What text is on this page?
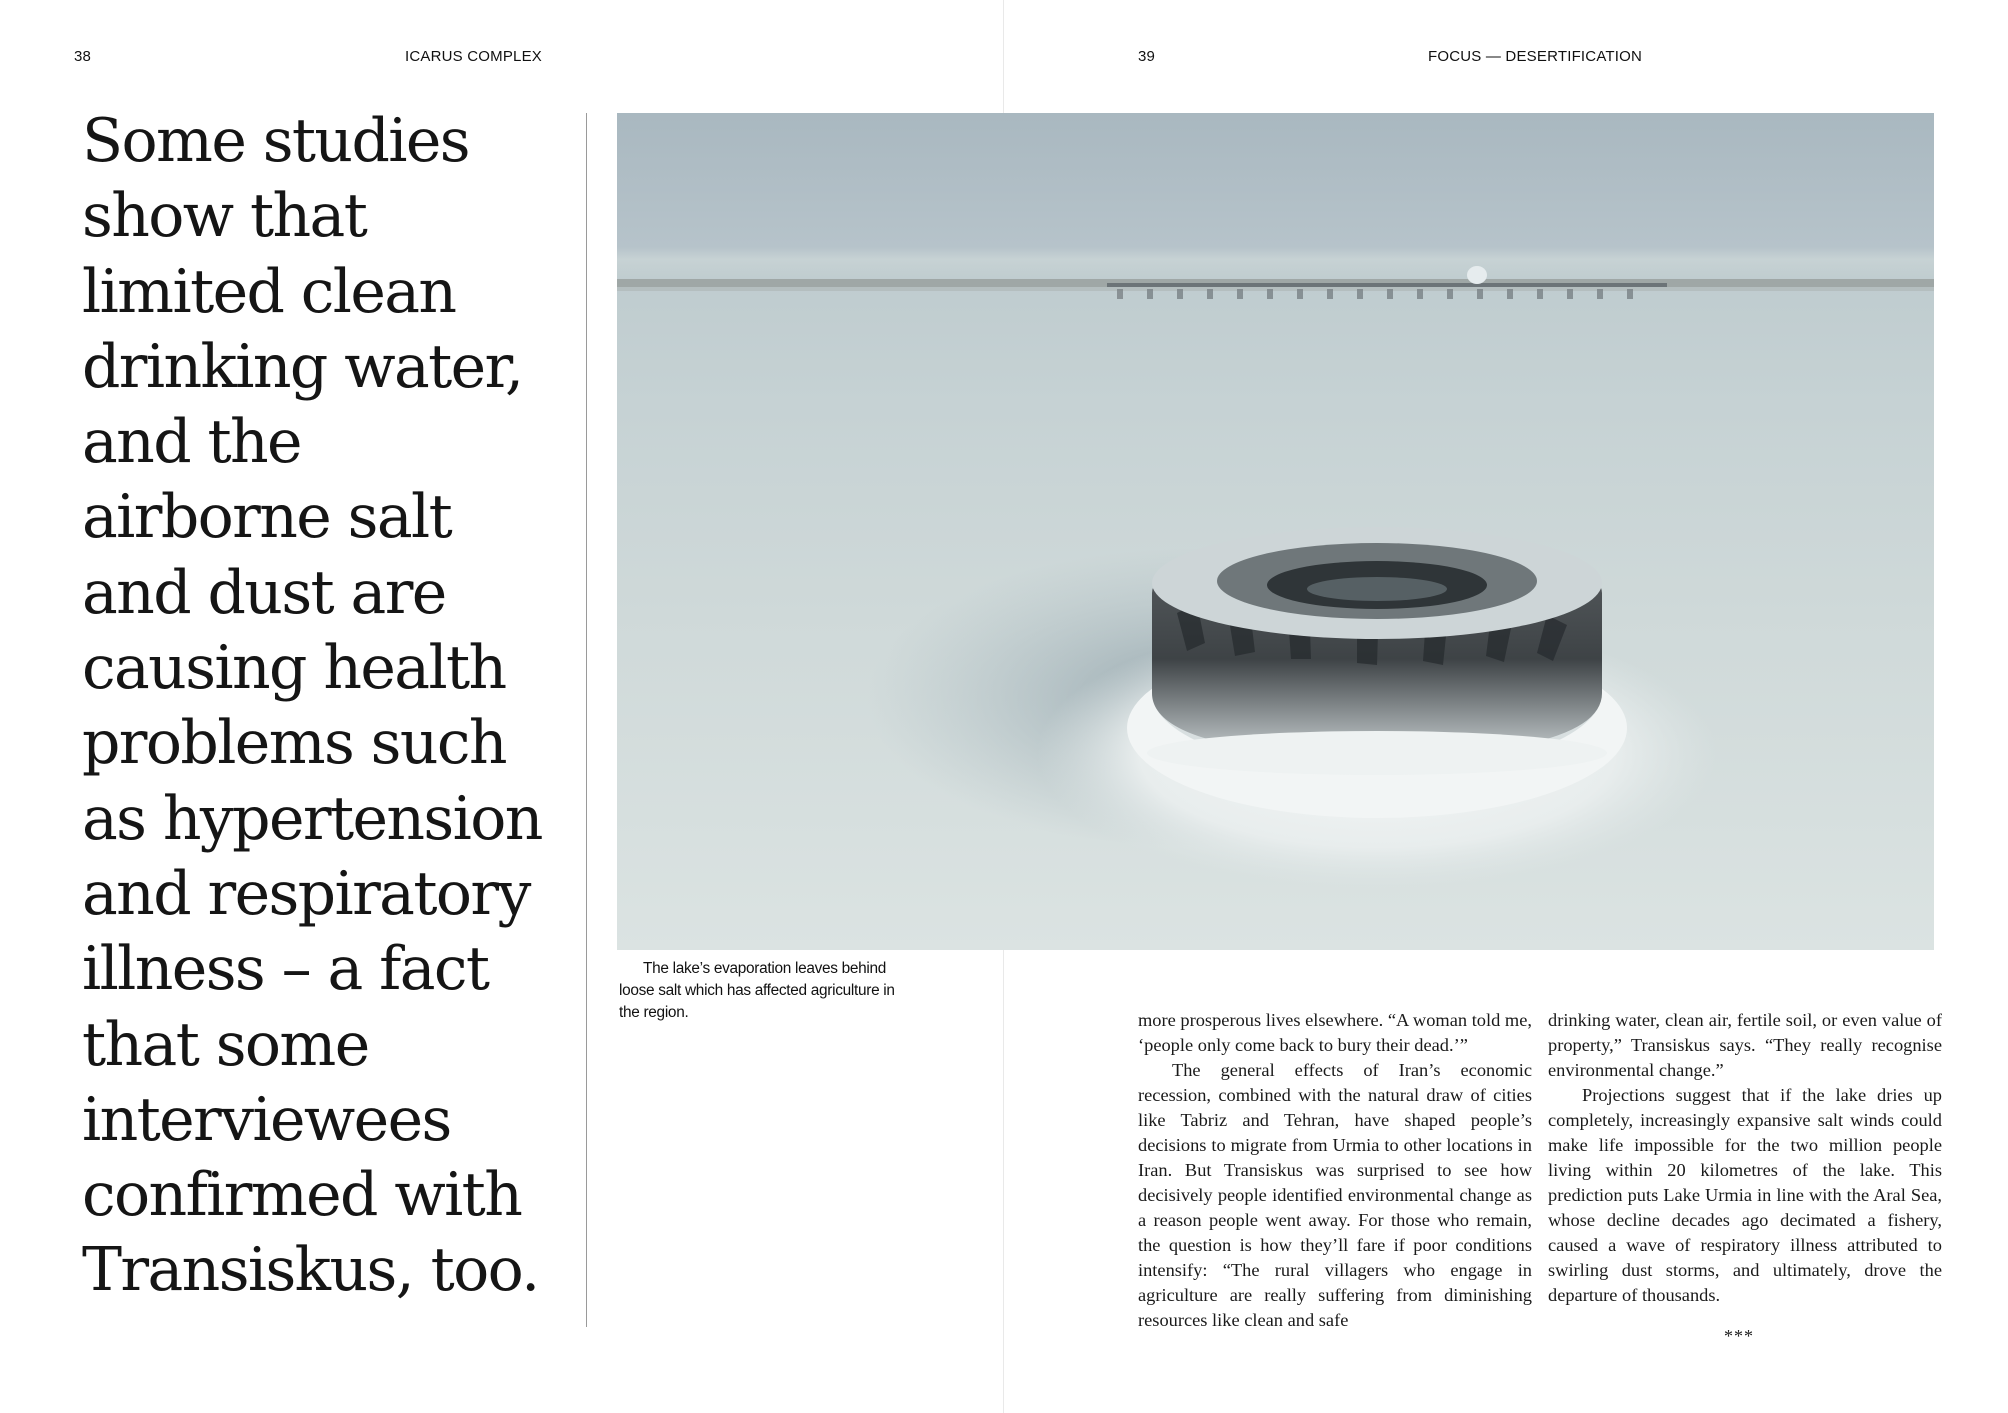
38	ICARUS COMPLEX
Some studies show that limited clean drinking water, and the airborne salt and dust are causing health problems such as hypertension and respiratory illness – a fact that some interviewees confirmed with Transiskus, too.
39	FOCUS — DESERTIFICATION
The lake’s evaporation leaves behind loose salt which has affected agriculture in the region.	more prosperous lives elsewhere. “A woman told me, ‘people only come back to bury their dead.’”

The general effects of Iran’s economic recession, combined with the natural draw of cities like Tabriz and Tehran, have shaped people’s decisions to migrate from Urmia to other locations in Iran. But Transiskus was surprised to see how decisively people identified environmental change as a reason people went away. For those who remain, the question is how they’ll fare if poor conditions intensify: “The rural villagers who engage in agriculture are really suffering from diminishing resources like clean and safe

drinking water, clean air, fertile soil, or even value of property,” Transiskus says. “They really recognise environmental change.”

Projections suggest that if the lake dries up completely, increasingly expansive salt winds could make life impossible for the two million people living within 20 kilometres of the lake. This prediction puts Lake Urmia in line with the Aral Sea, whose decline decades ago decimated a fishery, caused a wave of respiratory illness attributed to swirling dust storms, and ultimately, drove the departure of thousands.

***
